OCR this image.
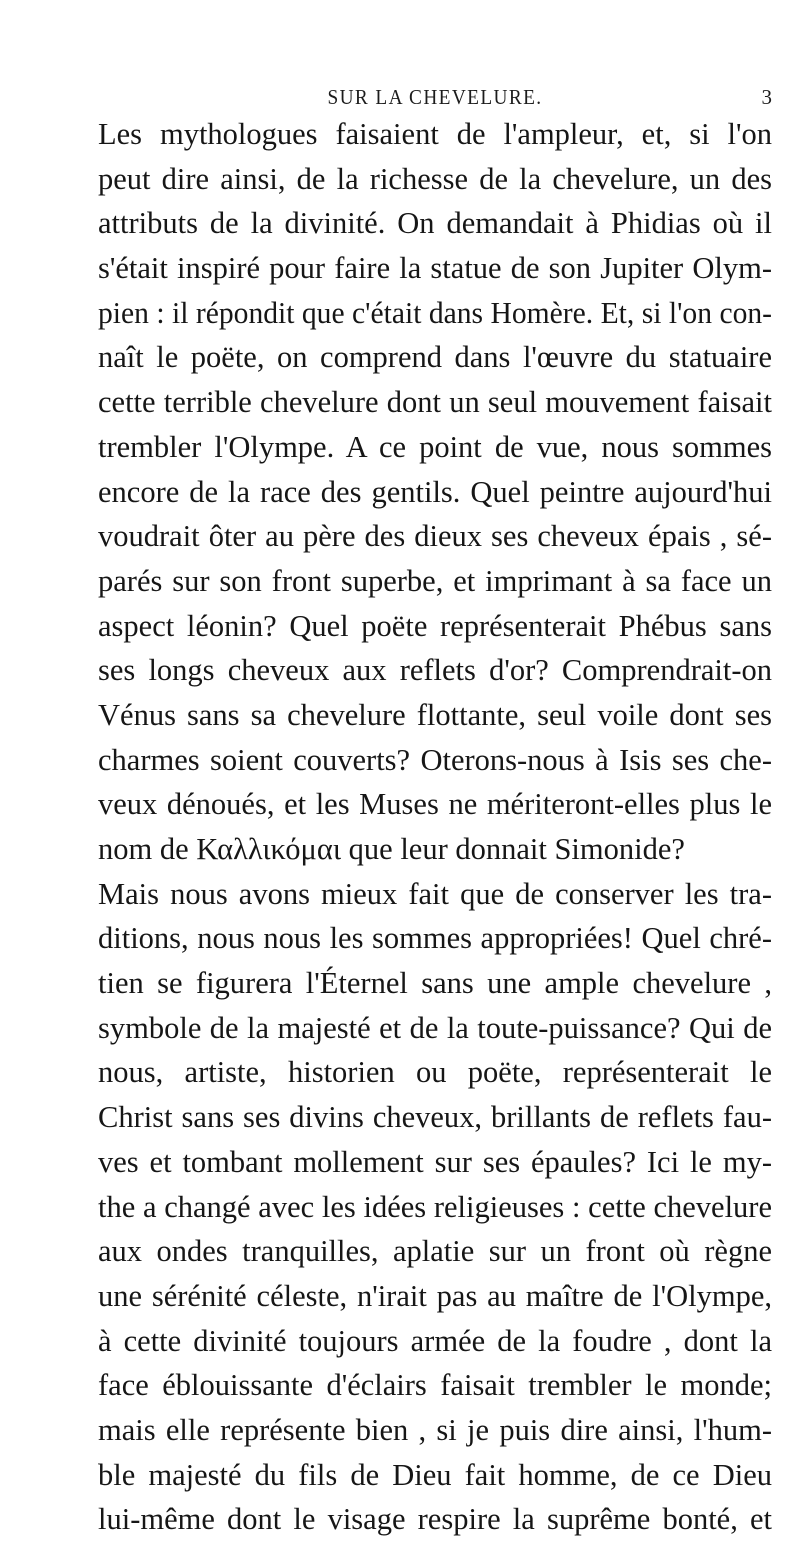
SUR LA CHEVELURE.	3
Les mythologues faisaient de l'ampleur, et, si l'on
peut dire ainsi, de la richesse de la chevelure, un des
attributs de la divinité. On demandait à Phidias où il
s'était inspiré pour faire la statue de son Jupiter Olym-
pien : il répondit que c'était dans Homère. Et, si l'on con-
naît le poëte, on comprend dans l'œuvre du statuaire
cette terrible chevelure dont un seul mouvement faisait
trembler l'Olympe. A ce point de vue, nous sommes
encore de la race des gentils. Quel peintre aujourd'hui
voudrait ôter au père des dieux ses cheveux épais , sé-
parés sur son front superbe, et imprimant à sa face un
aspect léonin? Quel poëte représenterait Phébus sans
ses longs cheveux aux reflets d'or? Comprendrait-on
Vénus sans sa chevelure flottante, seul voile dont ses
charmes soient couverts? Oterons-nous à Isis ses che-
veux dénoués, et les Muses ne mériteront-elles plus le
nom de Καλλικόμαι que leur donnait Simonide?
Mais nous avons mieux fait que de conserver les tra-
ditions, nous nous les sommes appropriées! Quel chré-
tien se figurera l'Éternel sans une ample chevelure ,
symbole de la majesté et de la toute-puissance? Qui de
nous, artiste, historien ou poëte, représenterait le
Christ sans ses divins cheveux, brillants de reflets fau-
ves et tombant mollement sur ses épaules? Ici le my-
the a changé avec les idées religieuses : cette chevelure
aux ondes tranquilles, aplatie sur un front où règne
une sérénité céleste, n'irait pas au maître de l'Olympe,
à cette divinité toujours armée de la foudre , dont la
face éblouissante d'éclairs faisait trembler le monde;
mais elle représente bien , si je puis dire ainsi, l'hum-
ble majesté du fils de Dieu fait homme, de ce Dieu
lui-même dont le visage respire la suprême bonté, et
